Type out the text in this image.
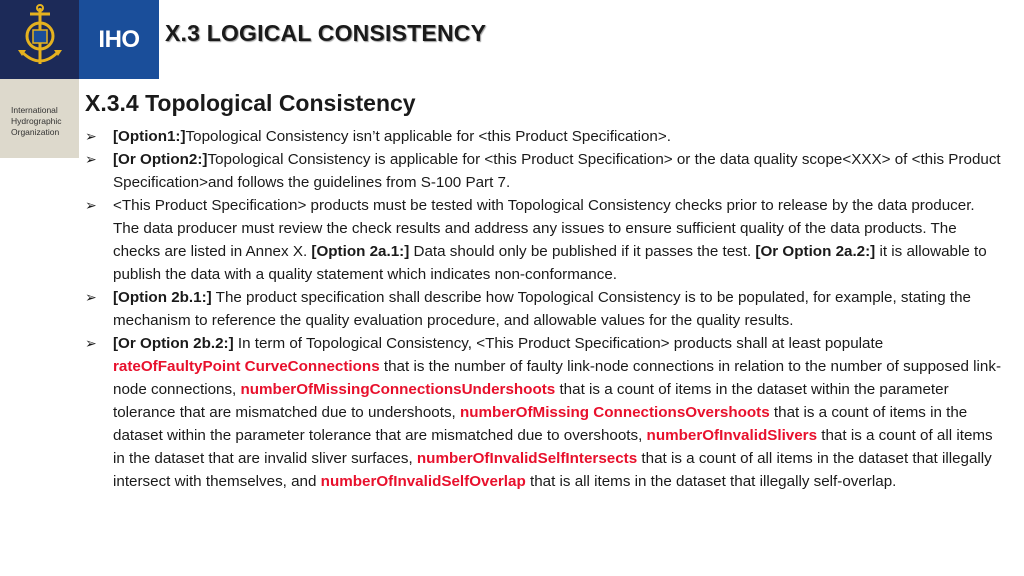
IHO
International
Hydrographic
Organization
X.3 LOGICAL CONSISTENCY
X.3.4 Topological Consistency
➢ [Option1:]Topological Consistency isn’t applicable for <this Product Specification>.
➢ [Or Option2:]Topological Consistency is applicable for <this Product Specification> or the data quality scope<XXX> of <this Product Specification>and follows the guidelines from S-100 Part 7.
➢ <This Product Specification> products must be tested with Topological Consistency checks prior to release by the data producer. The data producer must review the check results and address any issues to ensure sufficient quality of the data products. The checks are listed in Annex X. [Option 2a.1:] Data should only be published if it passes the test. [Or Option 2a.2:] it is allowable to publish the data with a quality statement which indicates non-conformance.
➢ [Option 2b.1:] The product specification shall describe how Topological Consistency is to be populated, for example, stating the mechanism to reference the quality evaluation procedure, and allowable values for the quality results.
➢ [Or Option 2b.2:] In term of Topological Consistency, <This Product Specification> products shall at least populate rateOfFaultyPoint CurveConnections that is the number of faulty link-node connections in relation to the number of supposed link-node connections, numberOfMissingConnectionsUndershoots that is a count of items in the dataset within the parameter tolerance that are mismatched due to undershoots, numberOfMissing ConnectionsOvershoots that is a count of items in the dataset within the parameter tolerance that are mismatched due to overshoots, numberOfInvalidSlivers that is a count of all items in the dataset that are invalid sliver surfaces, numberOfInvalidSelfIntersects that is a count of all items in the dataset that illegally intersect with themselves, and numberOfInvalidSelfOverlap that is all items in the dataset that illegally self-overlap.
